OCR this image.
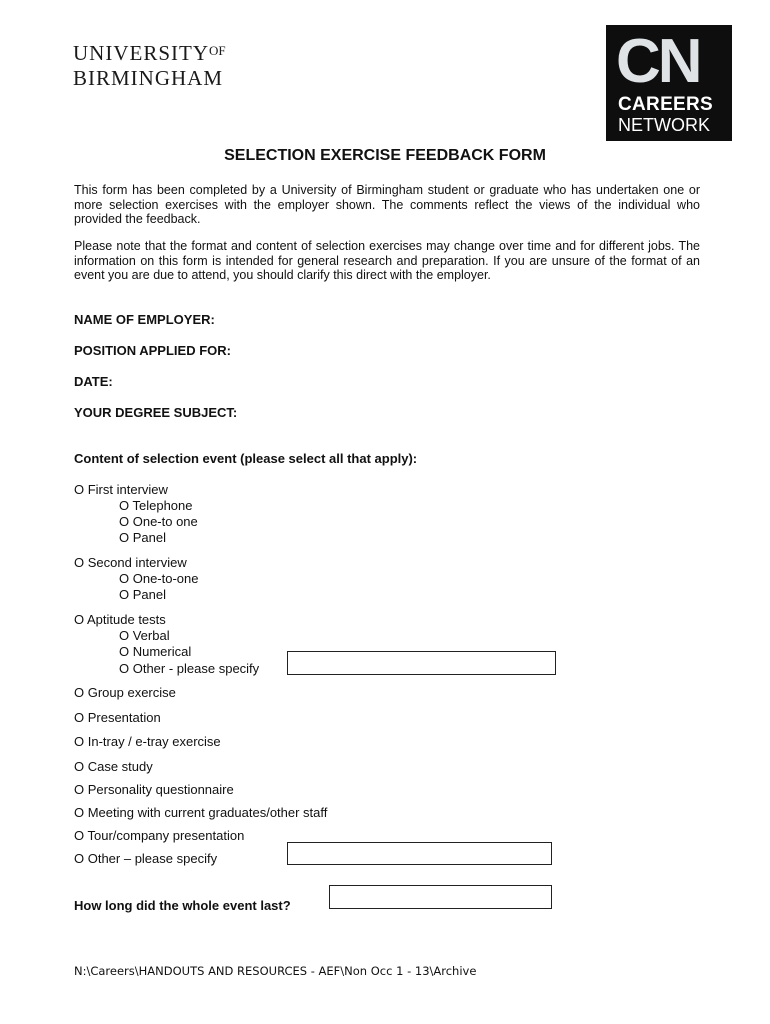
$UNIVERSITY^{OF}$
BIRMINGHAM	CN
CAREERS
NETWORK
SELECTION EXERCISE FEEDBACK FORM

This form has been completed by a University of Birmingham student or graduate who has undertaken one or more selection exercises with the employer shown. The comments reflect the views of the individual who provided the feedback.

Please note that the format and content of selection exercises may change over time and for different jobs. The information on this form is intended for general research and preparation. If you are unsure of the format of an event you are due to attend, you should clarify this direct with the employer.

NAME OF EMPLOYER:

POSITION APPLIED FOR:

DATE:

YOUR DEGREE SUBJECT:

Content of selection event (please select all that apply):

O First interview
O Telephone
O One-to one
O Panel
O Second interview
O One-to-one
O Panel
O Aptitude tests
O Verbal
O Numerical
O Other - please specify
O Group exercise
O Presentation
O In-tray / e-tray exercise
O Case study
O Personality questionnaire
O Meeting with current graduates/other staff
O Tour/company presentation
O Other – please specify

How long did the whole event last?

N:\Careers\HANDOUTS AND RESOURCES - AEF\Non Occ 1 - 13\Archive
